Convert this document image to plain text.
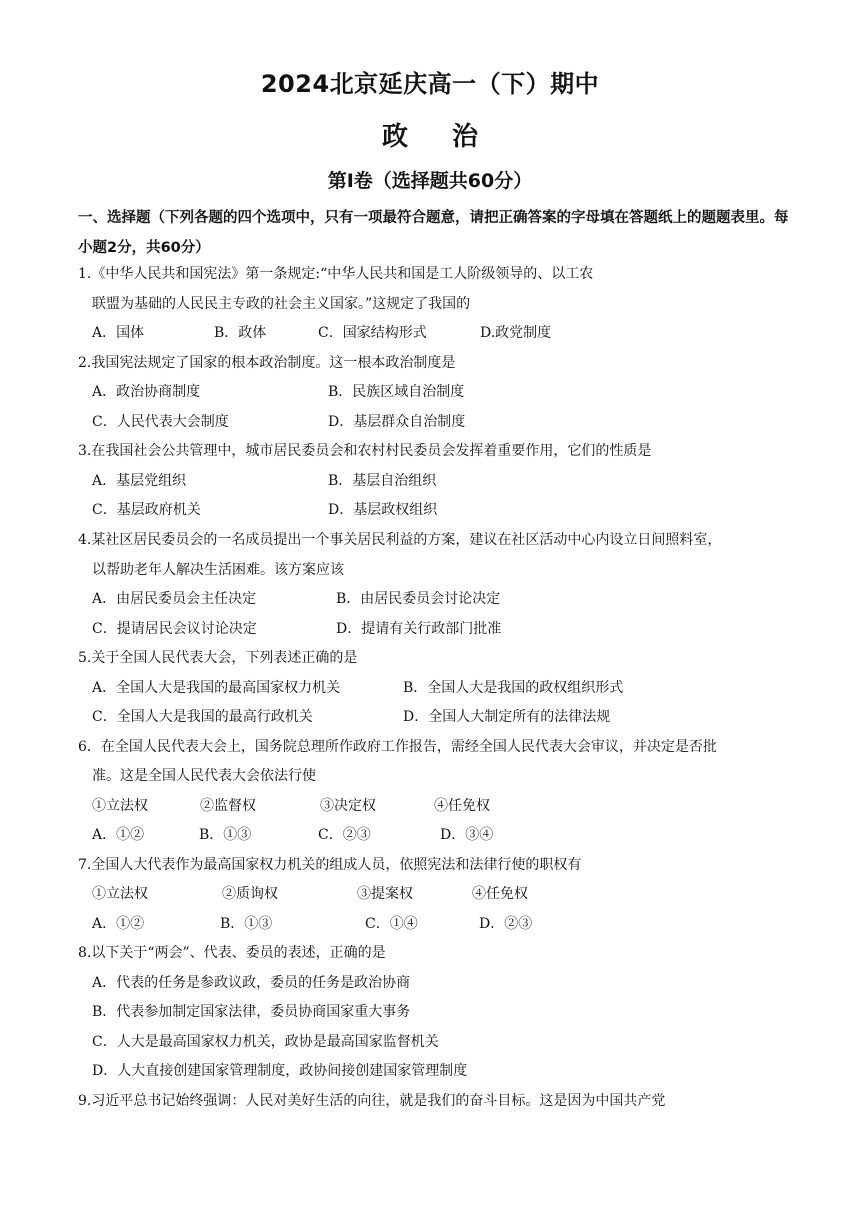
2024北京延庆高一（下）期中
政治
第Ⅰ卷（选择题共60分）
一、选择题（下列各题的四个选项中，只有一项最符合题意，请把正确答案的字母填在答题纸上的题题表里。每小题2分，共60分）
1.《中华人民共和国宪法》第一条规定:“中华人民共和国是工人阶级领导的、以工农
联盟为基础的人民民主专政的社会主义国家。”这规定了我国的
A．国体	B．政体	C．国家结构形式	D.政党制度
2.我国宪法规定了国家的根本政治制度。这一根本政治制度是
A．政治协商制度	B．民族区域自治制度
C．人民代表大会制度	D．基层群众自治制度
3.在我国社会公共管理中，城市居民委员会和农村村民委员会发挥着重要作用，它们的性质是
A．基层党组织	B．基层自治组织
C．基层政府机关	D．基层政权组织
4.某社区居民委员会的一名成员提出一个事关居民利益的方案，建议在社区活动中心内设立日间照料室，
以帮助老年人解决生活困难。该方案应该
A．由居民委员会主任决定	B．由居民委员会讨论决定
C．提请居民会议讨论决定	D．提请有关行政部门批准
5.关于全国人民代表大会，下列表述正确的是
A．全国人大是我国的最高国家权力机关	B．全国人大是我国的政权组织形式
C．全国人大是我国的最高行政机关	D．全国人大制定所有的法律法规
6．在全国人民代表大会上，国务院总理所作政府工作报告，需经全国人民代表大会审议，并决定是否批
准。这是全国人民代表大会依法行使
①立法权	②监督权	③决定权	④任免权
A．①②	B．①③	C．②③	D．③④
7.全国人大代表作为最高国家权力机关的组成人员，依照宪法和法律行使的职权有
①立法权	②质询权	③提案权	④任免权
A．①②	B．①③	C．①④	D．②③
8.以下关于“两会”、代表、委员的表述，正确的是
A．代表的任务是参政议政，委员的任务是政治协商
B．代表参加制定国家法律，委员协商国家重大事务
C．人大是最高国家权力机关，政协是最高国家监督机关
D．人大直接创建国家管理制度，政协间接创建国家管理制度
9.习近平总书记始终强调：人民对美好生活的向往，就是我们的奋斗目标。这是因为中国共产党
